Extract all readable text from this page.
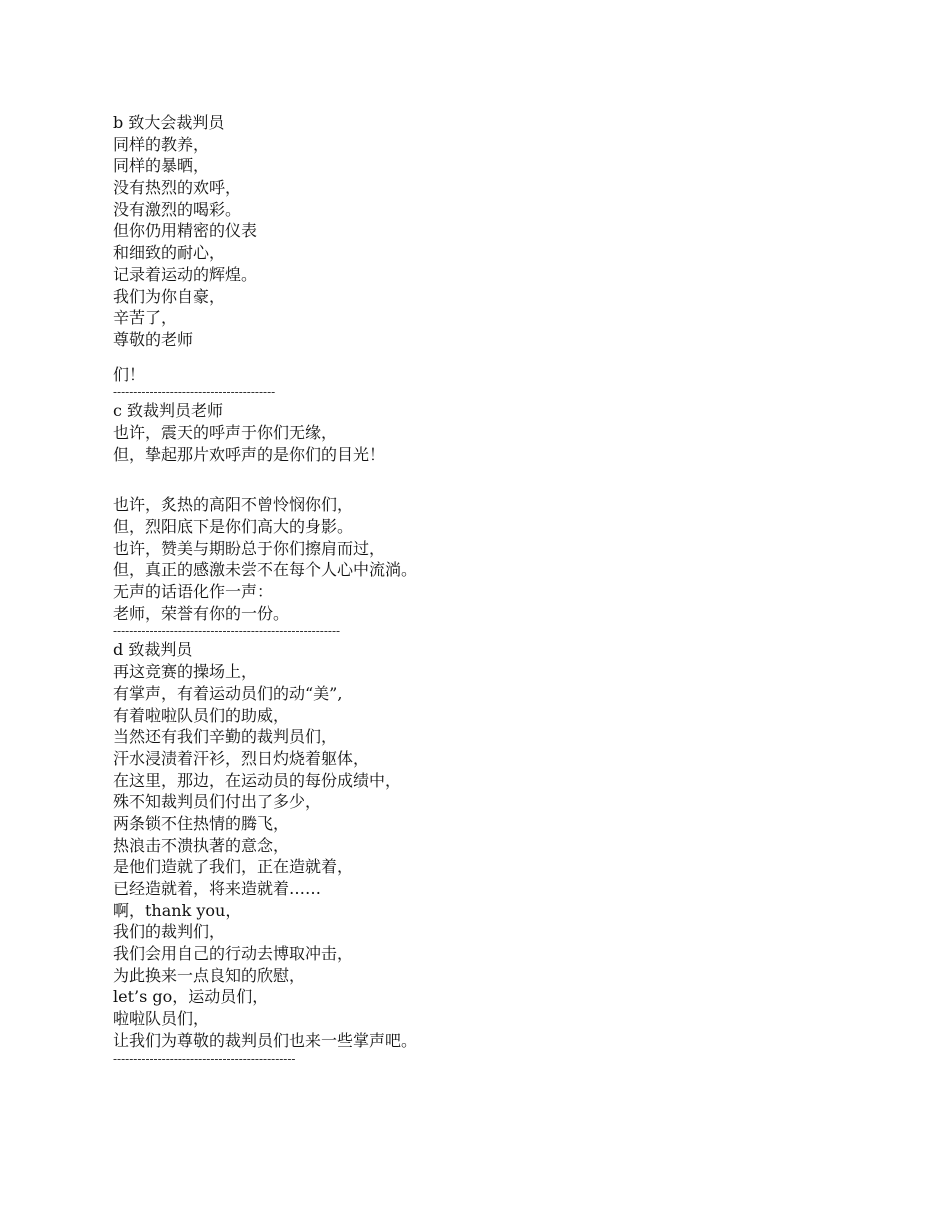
b 致大会裁判员
同样的教养，
同样的暴晒，
没有热烈的欢呼，
没有激烈的喝彩。
但你仍用精密的仪表
和细致的耐心，
记录着运动的辉煌。
我们为你自豪，
辛苦了，
尊敬的老师
们！
----------------------------------------
c 致裁判员老师
也许，震天的呼声于你们无缘，
但，挚起那片欢呼声的是你们的目光！
也许，炙热的高阳不曾怜悯你们，
但，烈阳底下是你们高大的身影。
也许，赞美与期盼总于你们擦肩而过，
但，真正的感激未尝不在每个人心中流淌。
无声的话语化作一声：
老师，荣誉有你的一份。
--------------------------------------------------------
d 致裁判员
再这竞赛的操场上，
有掌声，有着运动员们的动“美”,
有着啦啦队员们的助威，
当然还有我们辛勤的裁判员们，
汗水浸渍着汗衫，烈日灼烧着躯体，
在这里，那边，在运动员的每份成绩中，
殊不知裁判员们付出了多少，
两条锁不住热情的腾飞，
热浪击不溃执著的意念，
是他们造就了我们，正在造就着，
已经造就着，将来造就着……
啊，thank you，
我们的裁判们，
我们会用自己的行动去博取冲击，
为此换来一点良知的欣慰，
let’s go，运动员们，
啦啦队员们，
让我们为尊敬的裁判员们也来一些掌声吧。
---------------------------------------------
